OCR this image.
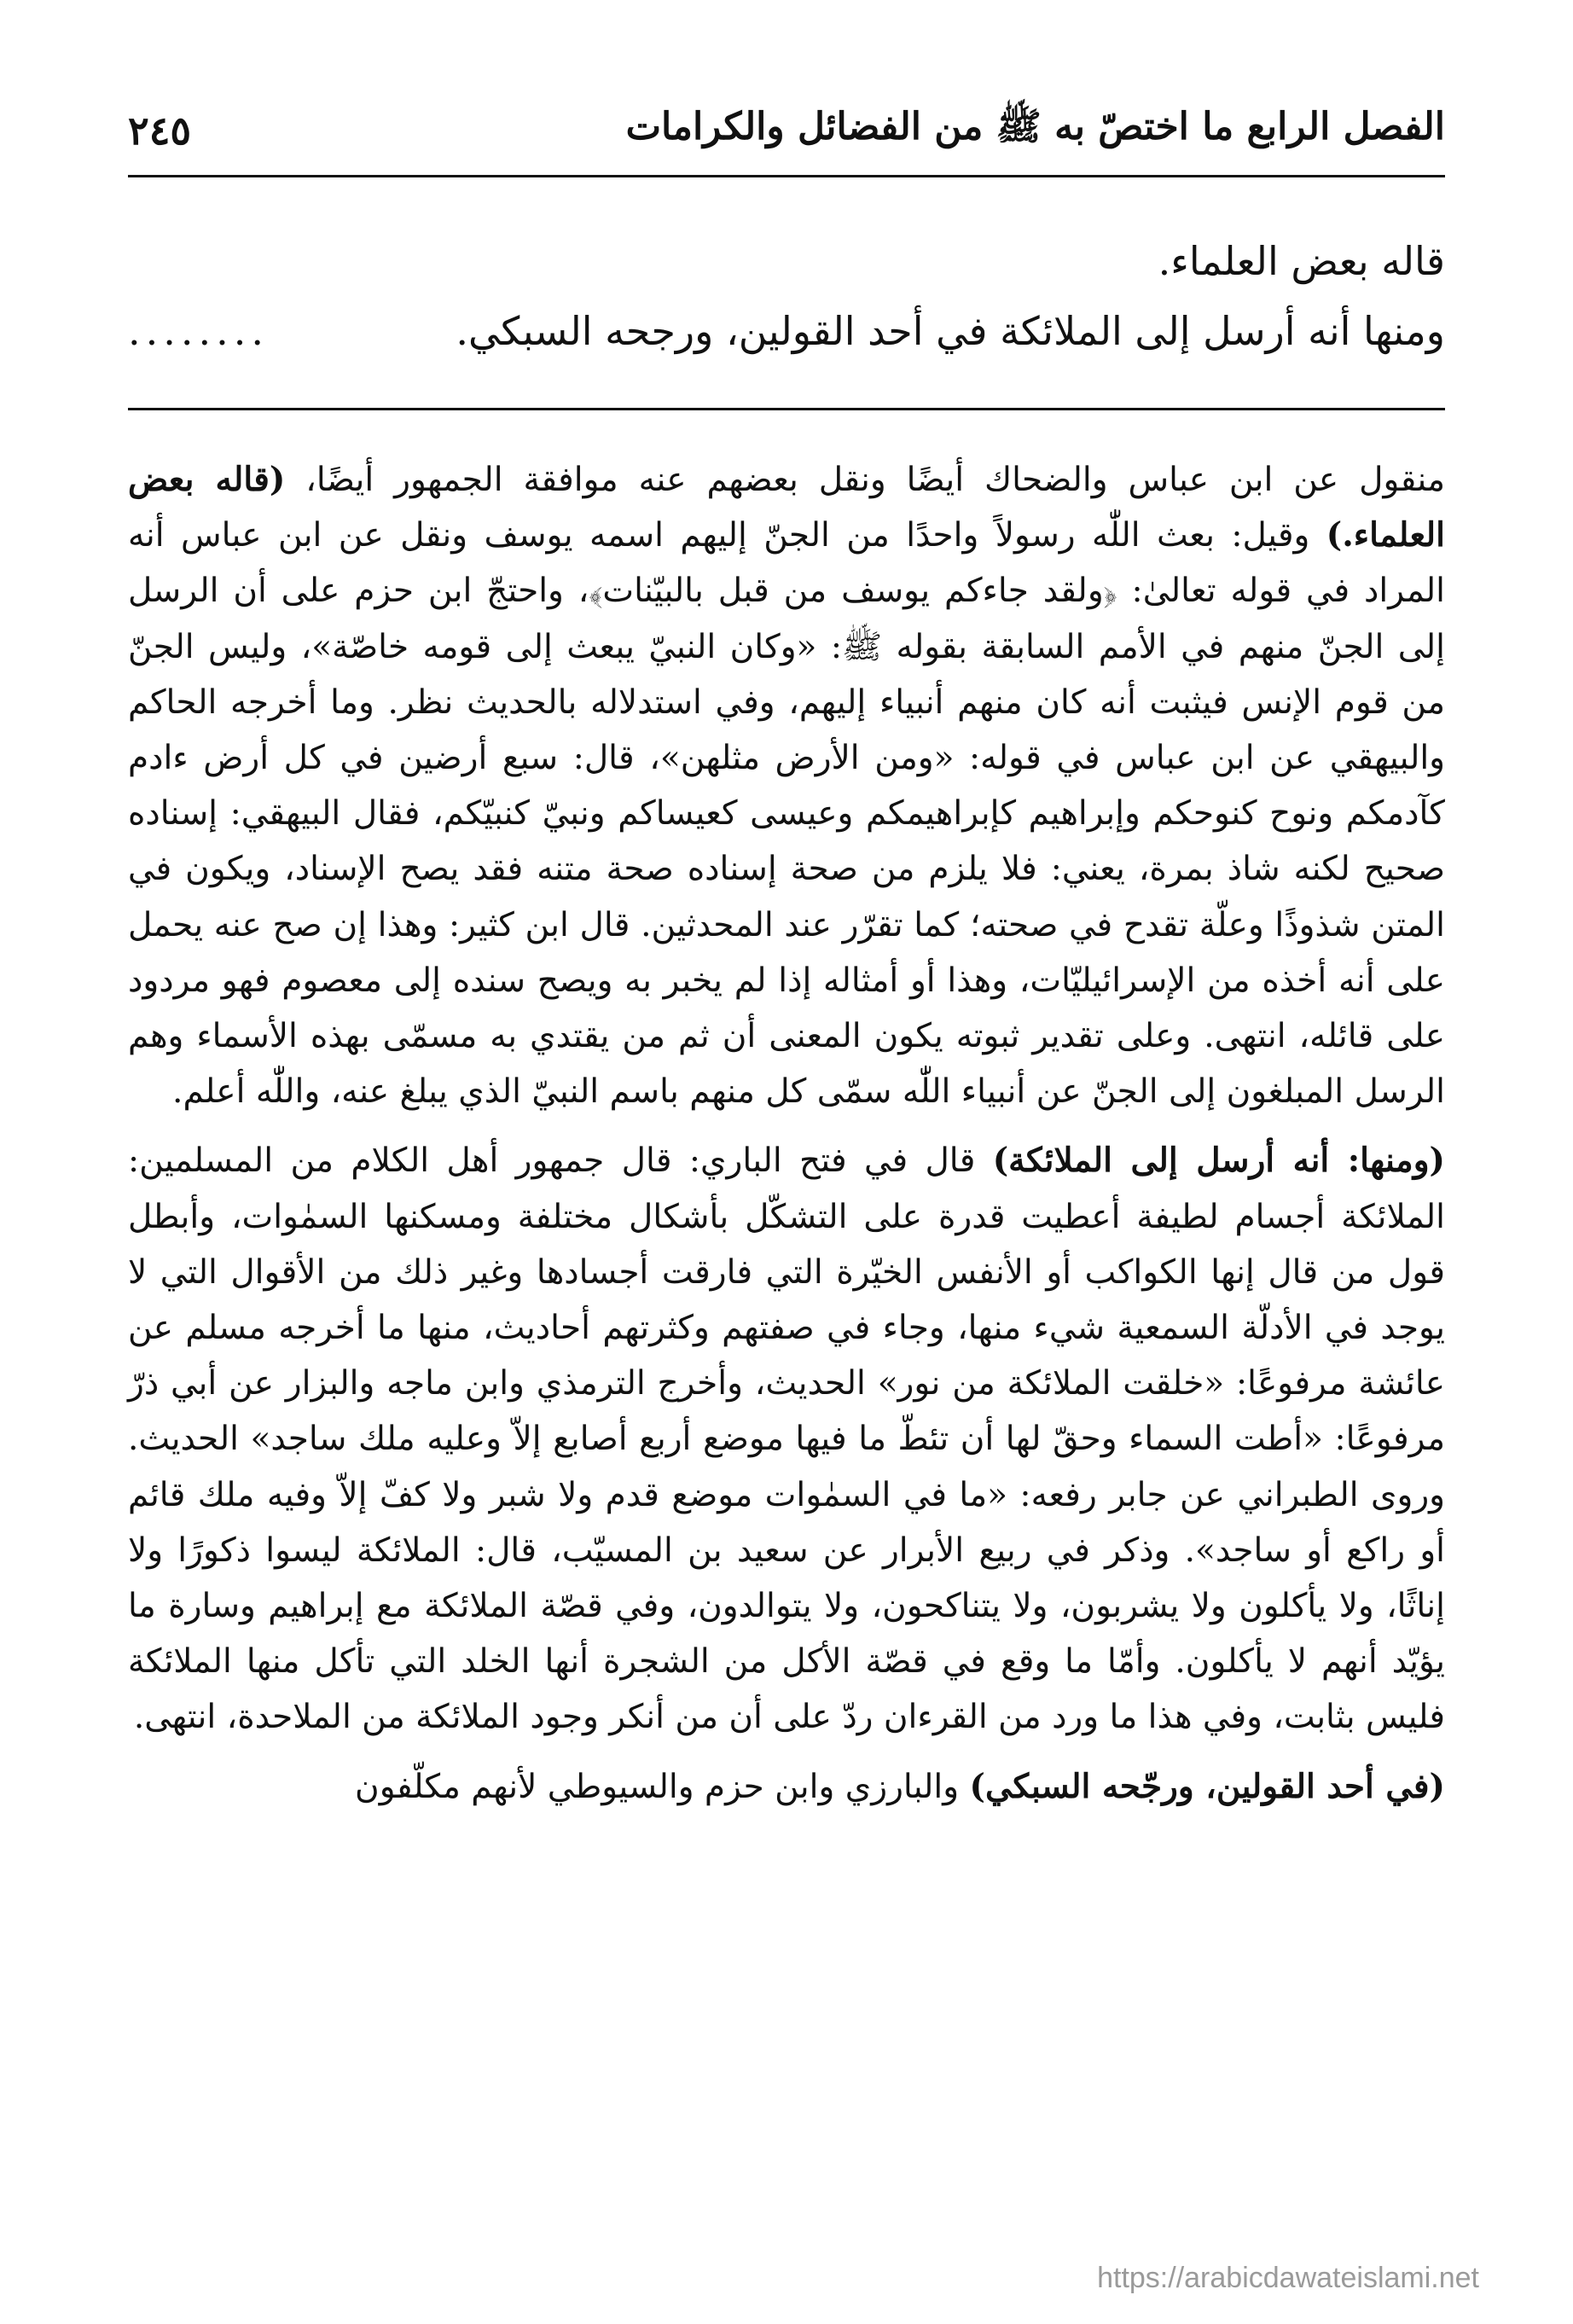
الفصل الرابع ما اختصّ به ﷺ من الفضائل والكرامات
٢٤٥

قاله بعض العلماء.

ومنها أنه أرسل إلى الملائكة في أحد القولين، ورجحه السبكي.
........

منقول عن ابن عباس والضحاك أيضًا ونقل بعضهم عنه موافقة الجمهور أيضًا، (قاله بعض العلماء.) وقيل: بعث اللّٰه رسولاً واحدًا من الجنّ إليهم اسمه يوسف ونقل عن ابن عباس أنه المراد في قوله تعالىٰ: ﴿ولقد جاءكم يوسف من قبل بالبيّنات﴾، واحتجّ ابن حزم على أن الرسل إلى الجنّ منهم في الأمم السابقة بقوله ﷺ: «وكان النبيّ يبعث إلى قومه خاصّة»، وليس الجنّ من قوم الإنس فيثبت أنه كان منهم أنبياء إليهم، وفي استدلاله بالحديث نظر. وما أخرجه الحاكم والبيهقي عن ابن عباس في قوله: «ومن الأرض مثلهن»، قال: سبع أرضين في كل أرض ءادم كآدمكم ونوح كنوحكم وإبراهيم كإبراهيمكم وعيسى كعيساكم ونبيّ كنبيّكم، فقال البيهقي: إسناده صحيح لكنه شاذ بمرة، يعني: فلا يلزم من صحة إسناده صحة متنه فقد يصح الإسناد، ويكون في المتن شذوذًا وعلّة تقدح في صحته؛ كما تقرّر عند المحدثين. قال ابن كثير: وهذا إن صح عنه يحمل على أنه أخذه من الإسرائيليّات، وهذا أو أمثاله إذا لم يخبر به ويصح سنده إلى معصوم فهو مردود على قائله، انتهى. وعلى تقدير ثبوته يكون المعنى أن ثم من يقتدي به مسمّى بهذه الأسماء وهم الرسل المبلغون إلى الجنّ عن أنبياء اللّٰه سمّى كل منهم باسم النبيّ الذي يبلغ عنه، واللّٰه أعلم.

(ومنها: أنه أرسل إلى الملائكة) قال في فتح الباري: قال جمهور أهل الكلام من المسلمين: الملائكة أجسام لطيفة أعطيت قدرة على التشكّل بأشكال مختلفة ومسكنها السمٰوات، وأبطل قول من قال إنها الكواكب أو الأنفس الخيّرة التي فارقت أجسادها وغير ذلك من الأقوال التي لا يوجد في الأدلّة السمعية شيء منها، وجاء في صفتهم وكثرتهم أحاديث، منها ما أخرجه مسلم عن عائشة مرفوعًا: «خلقت الملائكة من نور» الحديث، وأخرج الترمذي وابن ماجه والبزار عن أبي ذرّ مرفوعًا: «أطت السماء وحقّ لها أن تئطّ ما فيها موضع أربع أصابع إلاّ وعليه ملك ساجد» الحديث. وروى الطبراني عن جابر رفعه: «ما في السمٰوات موضع قدم ولا شبر ولا كفّ إلاّ وفيه ملك قائم أو راكع أو ساجد». وذكر في ربيع الأبرار عن سعيد بن المسيّب، قال: الملائكة ليسوا ذكورًا ولا إناثًا، ولا يأكلون ولا يشربون، ولا يتناكحون، ولا يتوالدون، وفي قصّة الملائكة مع إبراهيم وسارة ما يؤيّد أنهم لا يأكلون. وأمّا ما وقع في قصّة الأكل من الشجرة أنها الخلد التي تأكل منها الملائكة فليس بثابت، وفي هذا ما ورد من القرءان ردّ على أن من أنكر وجود الملائكة من الملاحدة، انتهى.

(في أحد القولين، ورجّحه السبكي) والبارزي وابن حزم والسيوطي لأنهم مكلّفون

https://arabicdawateislami.net
